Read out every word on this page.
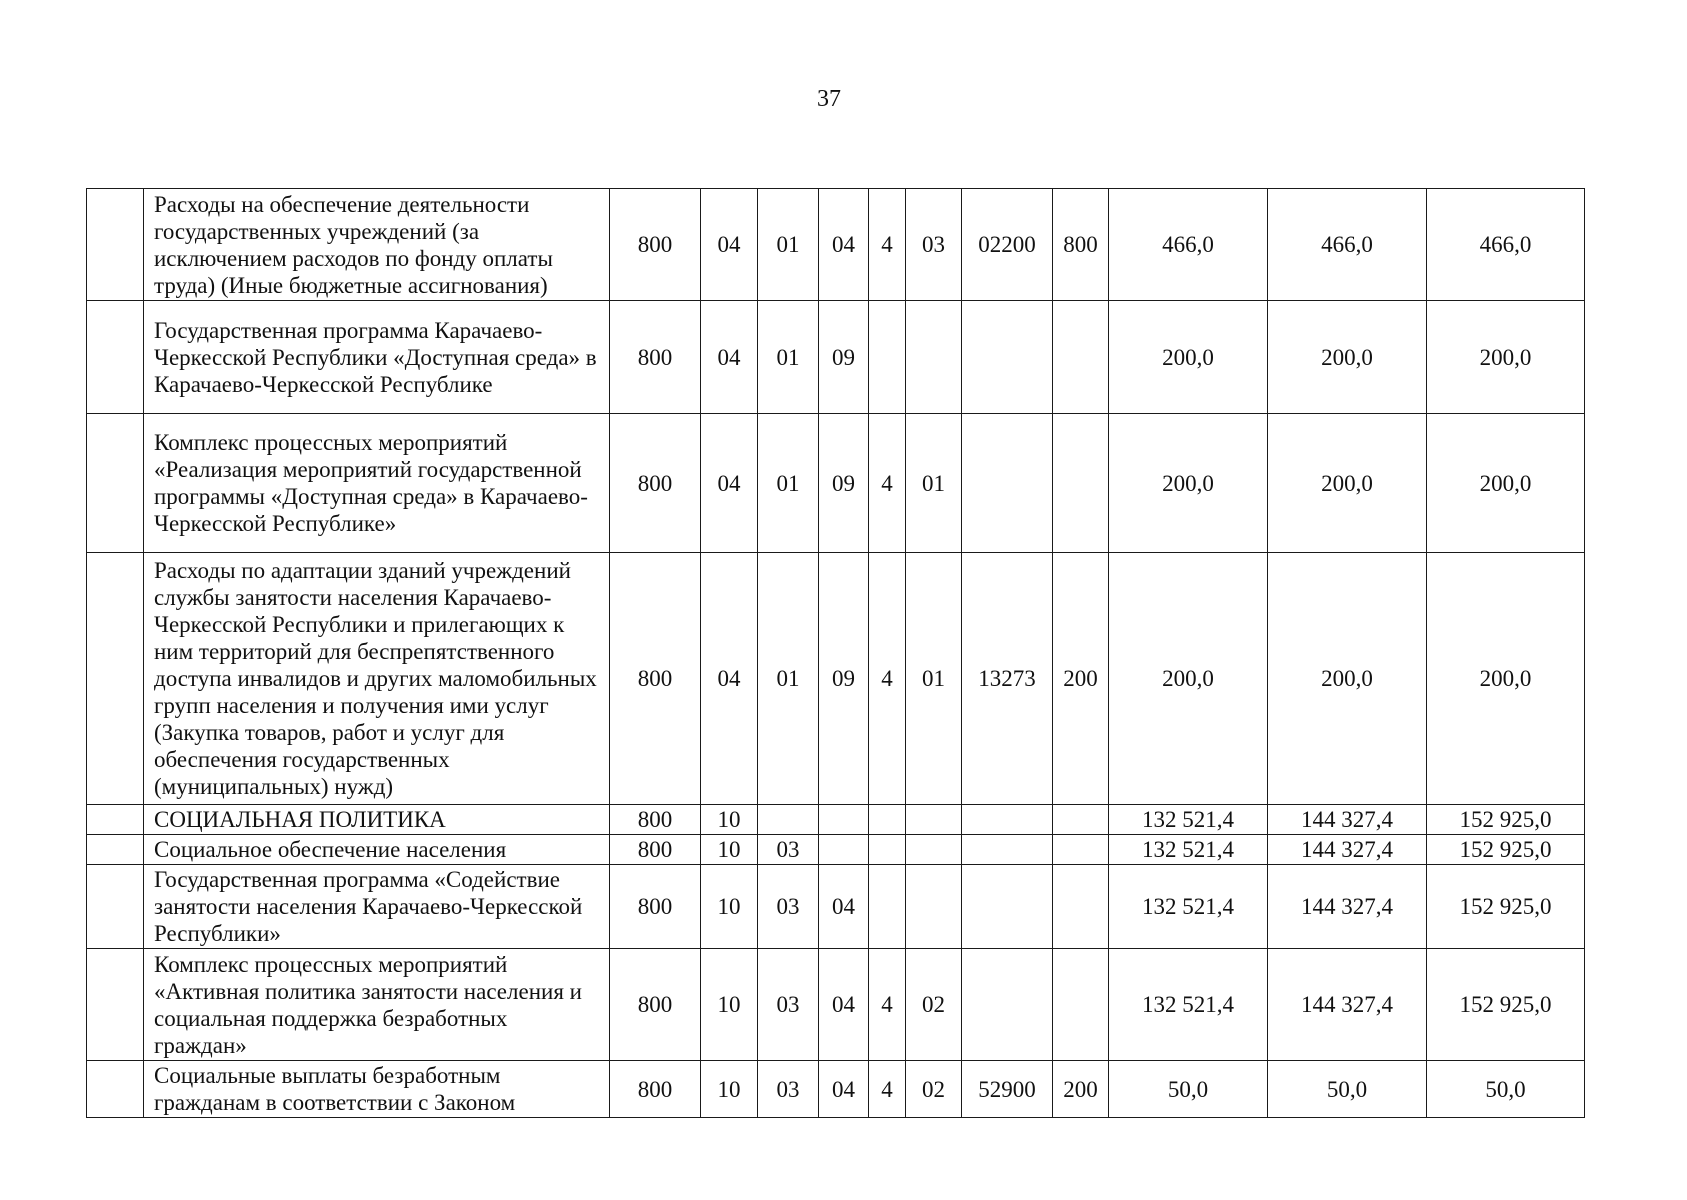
37
	Расходы на обеспечение деятельности государственных учреждений (за исключением расходов по фонду оплаты труда) (Иные бюджетные ассигнования)	800	04	01	04	4	03	02200	800	466,0	466,0	466,0
	Государственная программа Карачаево-Черкесской Республики «Доступная среда» в Карачаево-Черкесской Республике	800	04	01	09					200,0	200,0	200,0
	Комплекс процессных мероприятий «Реализация мероприятий государственной программы «Доступная среда» в Карачаево-Черкесской Республике»	800	04	01	09	4	01			200,0	200,0	200,0
	Расходы по адаптации зданий учреждений службы занятости населения Карачаево-Черкесской Республики и прилегающих к ним территорий для беспрепятственного доступа инвалидов и других маломобильных групп населения и получения ими услуг (Закупка товаров, работ и услуг для обеспечения государственных (муниципальных) нужд)	800	04	01	09	4	01	13273	200	200,0	200,0	200,0
	СОЦИАЛЬНАЯ ПОЛИТИКА	800	10							132 521,4	144 327,4	152 925,0
	Социальное обеспечение населения	800	10	03						132 521,4	144 327,4	152 925,0
	Государственная программа «Содействие занятости населения Карачаево-Черкесской Республики»	800	10	03	04					132 521,4	144 327,4	152 925,0
	Комплекс процессных мероприятий «Активная политика занятости населения и социальная поддержка безработных граждан»	800	10	03	04	4	02			132 521,4	144 327,4	152 925,0
	Социальные выплаты безработным гражданам в соответствии с Законом	800	10	03	04	4	02	52900	200	50,0	50,0	50,0
